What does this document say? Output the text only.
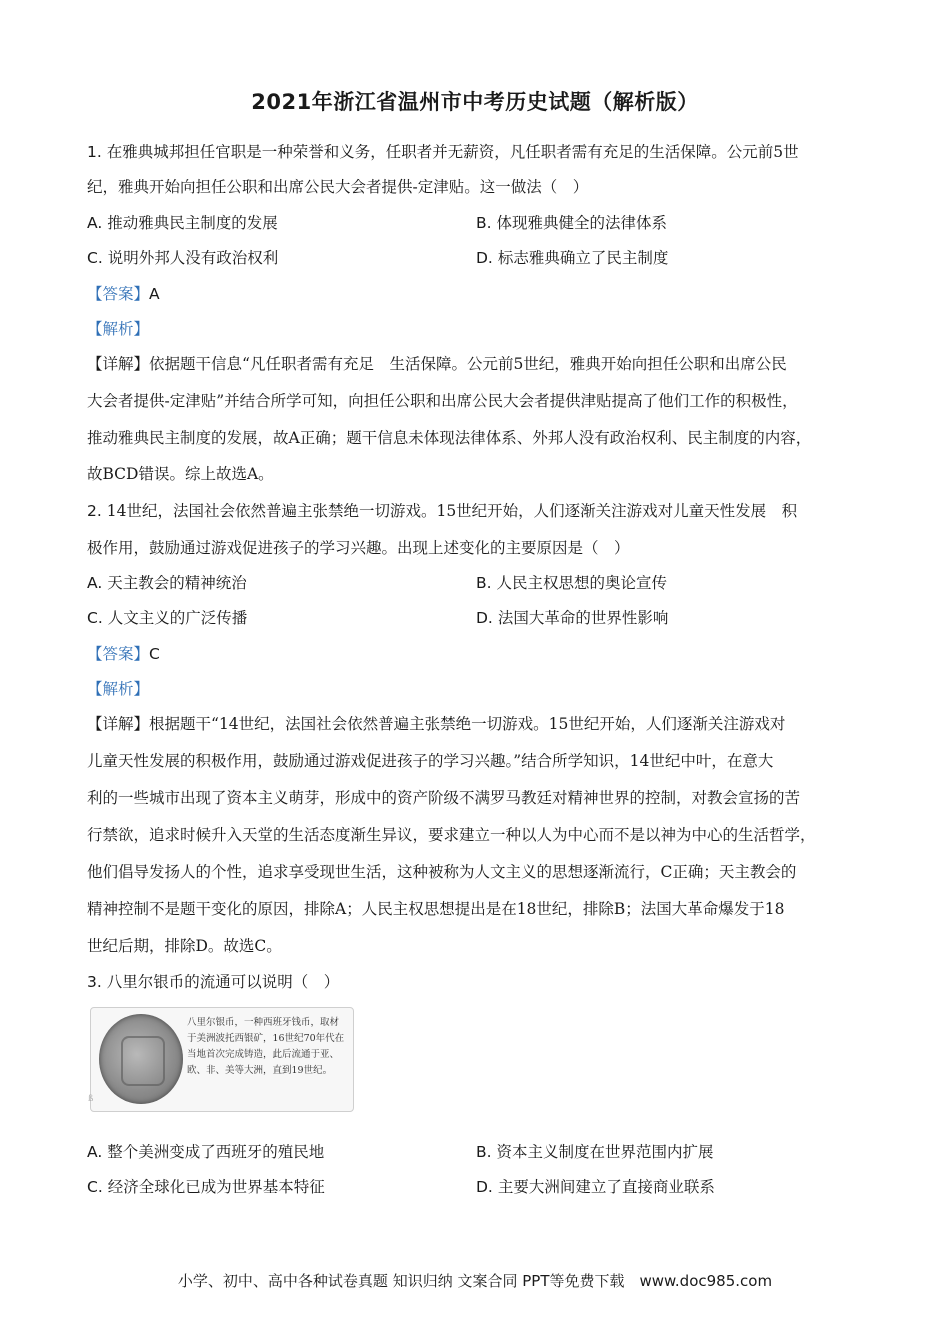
2021年浙江省温州市中考历史试题（解析版）
1. 在雅典城邦担任官职是一种荣誉和义务，任职者并无薪资，凡任职者需有充足的生活保障。公元前5世
纪，雅典开始向担任公职和出席公民大会者提供-定津贴。这一做法（　）
A. 推动雅典民主制度的发展	B. 体现雅典健全的法律体系
C. 说明外邦人没有政治权利	D. 标志雅典确立了民主制度
【答案】A
【解析】
【详解】依据题干信息“凡任职者需有充足　生活保障。公元前5世纪，雅典开始向担任公职和出席公民
大会者提供-定津贴”并结合所学可知，向担任公职和出席公民大会者提供津贴提高了他们工作的积极性，
推动雅典民主制度的发展，故A正确；题干信息未体现法律体系、外邦人没有政治权利、民主制度的内容，
故BCD错误。综上故选A。
2. 14世纪，法国社会依然普遍主张禁绝一切游戏。15世纪开始，人们逐渐关注游戏对儿童天性发展　积
极作用，鼓励通过游戏促进孩子的学习兴趣。出现上述变化的主要原因是（　）
A. 天主教会的精神统治	B. 人民主权思想的奥论宣传
C. 人文主义的广泛传播	D. 法国大革命的世界性影响
【答案】C
【解析】
【详解】根据题干“14世纪，法国社会依然普遍主张禁绝一切游戏。15世纪开始，人们逐渐关注游戏对
儿童天性发展的积极作用，鼓励通过游戏促进孩子的学习兴趣。”结合所学知识，14世纪中叶，在意大
利的一些城市出现了资本主义萌芽，形成中的资产阶级不满罗马教廷对精神世界的控制，对教会宣扬的苦
行禁欲，追求时候升入天堂的生活态度渐生异议，要求建立一种以人为中心而不是以神为中心的生活哲学，
他们倡导发扬人的个性，追求享受现世生活，这种被称为人文主义的思想逐渐流行，C正确；天主教会的
精神控制不是题干变化的原因，排除A；人民主权思想提出是在18世纪，排除B；法国大革命爆发于18
世纪后期，排除D。故选C。
3. 八里尔银币的流通可以说明（　）
八里尔银币，一种西班牙钱币，取材于美洲波托西银矿，16世纪70年代在当地首次完成铸造，此后流通于亚、欧、非、美等大洲，直到19世纪。
ß
A. 整个美洲变成了西班牙的殖民地	B. 资本主义制度在世界范围内扩展
C. 经济全球化已成为世界基本特征	D. 主要大洲间建立了直接商业联系
小学、初中、高中各种试卷真题 知识归纳 文案合同 PPT等免费下载　www.doc985.com
